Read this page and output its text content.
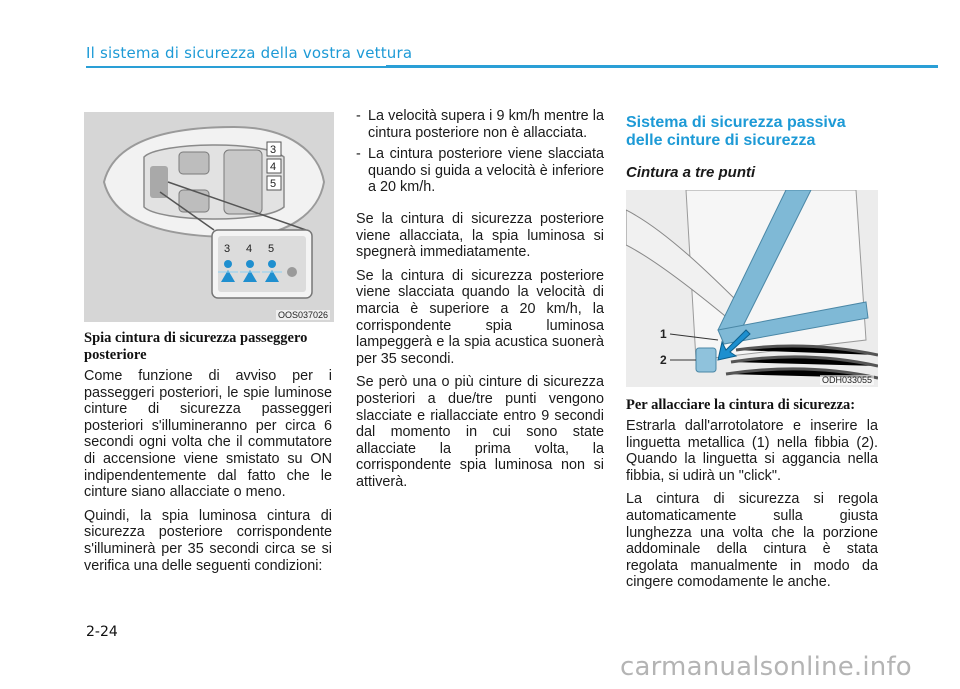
Il sistema di sicurezza della vostra vettura
3
4
5
3 4 5
OOS037026
Spia cintura di sicurezza passeggero posteriore

Come funzione di avviso per i passeggeri posteriori, le spie luminose cinture di sicurezza passeggeri posteriori s'illumineranno per circa 6 secondi ogni volta che il commutatore di accensione viene smistato su ON indipendentemente dal fatto che le cinture siano allacciate o meno.

Quindi, la spia luminosa cintura di sicurezza posteriore corrispondente s'illuminerà per 35 secondi circa se si verifica una delle seguenti condizioni:

- La velocità supera i 9 km/h mentre la cintura posteriore non è allacciata.
- La cintura posteriore viene slacciata quando si guida a velocità è inferiore a 20 km/h.

Se la cintura di sicurezza posteriore viene allacciata, la spia luminosa si spegnerà immediatamente.

Se la cintura di sicurezza posteriore viene slacciata quando la velocità di marcia è superiore a 20 km/h, la corrispondente spia luminosa lampeggerà e la spia acustica suonerà per 35 secondi.

Se però una o più cinture di sicurezza posteriori a due/tre punti vengono slacciate e riallacciate entro 9 secondi dal momento in cui sono state allacciate la prima volta, la corrispondente spia luminosa non si attiverà.

Sistema di sicurezza passiva delle cinture di sicurezza
Cintura a tre punti
1
2
ODH033055
Per allacciare la cintura di sicurezza:

Estrarla dall'arrotolatore e inserire la linguetta metallica (1) nella fibbia (2). Quando la linguetta si aggancia nella fibbia, si udirà un "click".

La cintura di sicurezza si regola automaticamente sulla giusta lunghezza una volta che la porzione addominale della cintura è stata regolata manualmente in modo da cingere comodamente le anche.

2-24
carmanualsonline.info
